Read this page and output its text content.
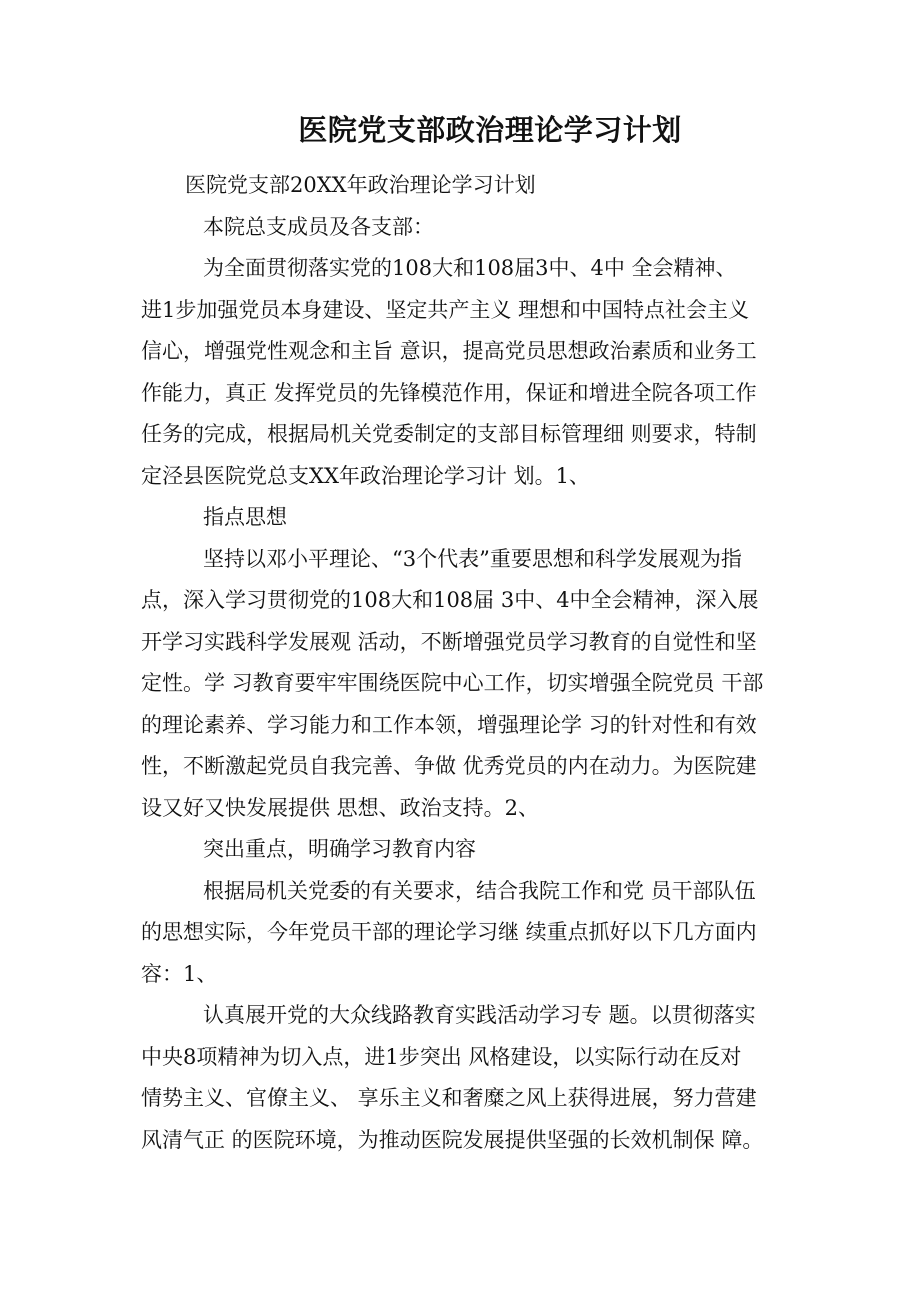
医院党支部政治理论学习计划

医院党支部20XX年政治理论学习计划

本院总支成员及各支部：

为全面贯彻落实党的108大和108届3中、4中 全会精神、
进1步加强党员本身建设、坚定共产主义 理想和中国特点社会主义
信心，增强党性观念和主旨 意识，提高党员思想政治素质和业务工
作能力，真正 发挥党员的先锋模范作用，保证和增进全院各项工作
任务的完成，根据局机关党委制定的支部目标管理细 则要求，特制
定泾县医院党总支XX年政治理论学习计 划。1、

指点思想

坚持以邓小平理论、“3个代表”重要思想和科学发展观为指
点，深入学习贯彻党的108大和108届 3中、4中全会精神，深入展
开学习实践科学发展观 活动，不断增强党员学习教育的自觉性和坚
定性。学 习教育要牢牢围绕医院中心工作，切实增强全院党员 干部
的理论素养、学习能力和工作本领，增强理论学 习的针对性和有效
性，不断激起党员自我完善、争做 优秀党员的内在动力。为医院建
设又好又快发展提供 思想、政治支持。2、

突出重点，明确学习教育内容

根据局机关党委的有关要求，结合我院工作和党 员干部队伍
的思想实际，今年党员干部的理论学习继 续重点抓好以下几方面内
容：1、

认真展开党的大众线路教育实践活动学习专 题。以贯彻落实
中央8项精神为切入点，进1步突出 风格建设，以实际行动在反对
情势主义、官僚主义、 享乐主义和奢糜之风上获得进展，努力营建
风清气正 的医院环境，为推动医院发展提供坚强的长效机制保 障。
